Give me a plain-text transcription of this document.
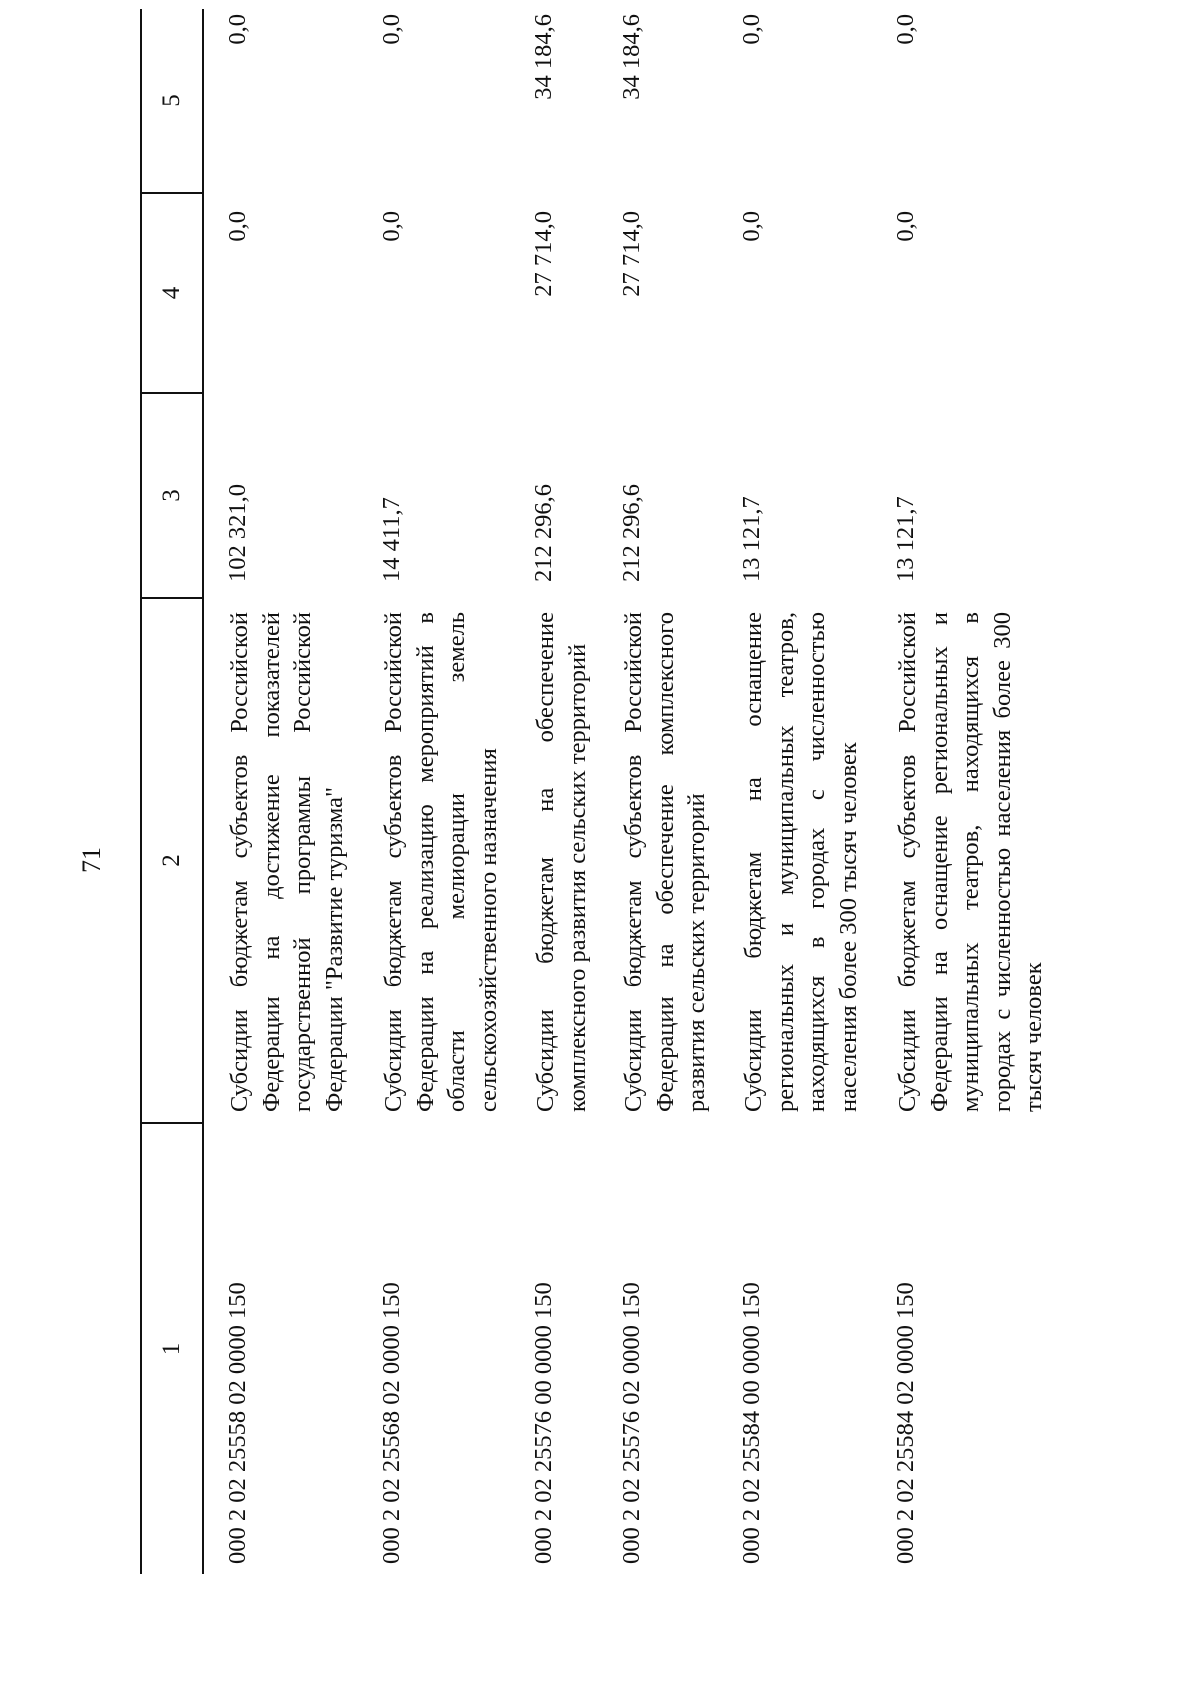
71
1
2
3
4
5
000 2 02 25558 02 0000 150
Субсидии бюджетам субъектов Российской Федерации на достижение показателей государственной программы Российской Федерации "Развитие туризма"
102 321,0
0,0
0,0
000 2 02 25568 02 0000 150
Субсидии бюджетам субъектов Российской Федерации на реализацию мероприятий в области мелиорации земель сельскохозяйственного назначения
14 411,7
0,0
0,0
000 2 02 25576 00 0000 150
Субсидии бюджетам на обеспечение комплексного развития сельских территорий
212 296,6
27 714,0
34 184,6
000 2 02 25576 02 0000 150
Субсидии бюджетам субъектов Российской Федерации на обеспечение комплексного развития сельских территорий
212 296,6
27 714,0
34 184,6
000 2 02 25584 00 0000 150
Субсидии бюджетам на оснащение региональных и муниципальных театров, находящихся в городах с численностью населения более 300 тысяч человек
13 121,7
0,0
0,0
000 2 02 25584 02 0000 150
Субсидии бюджетам субъектов Российской Федерации на оснащение региональных и муниципальных театров, находящихся в городах с численностью населения более 300 тысяч человек
13 121,7
0,0
0,0
